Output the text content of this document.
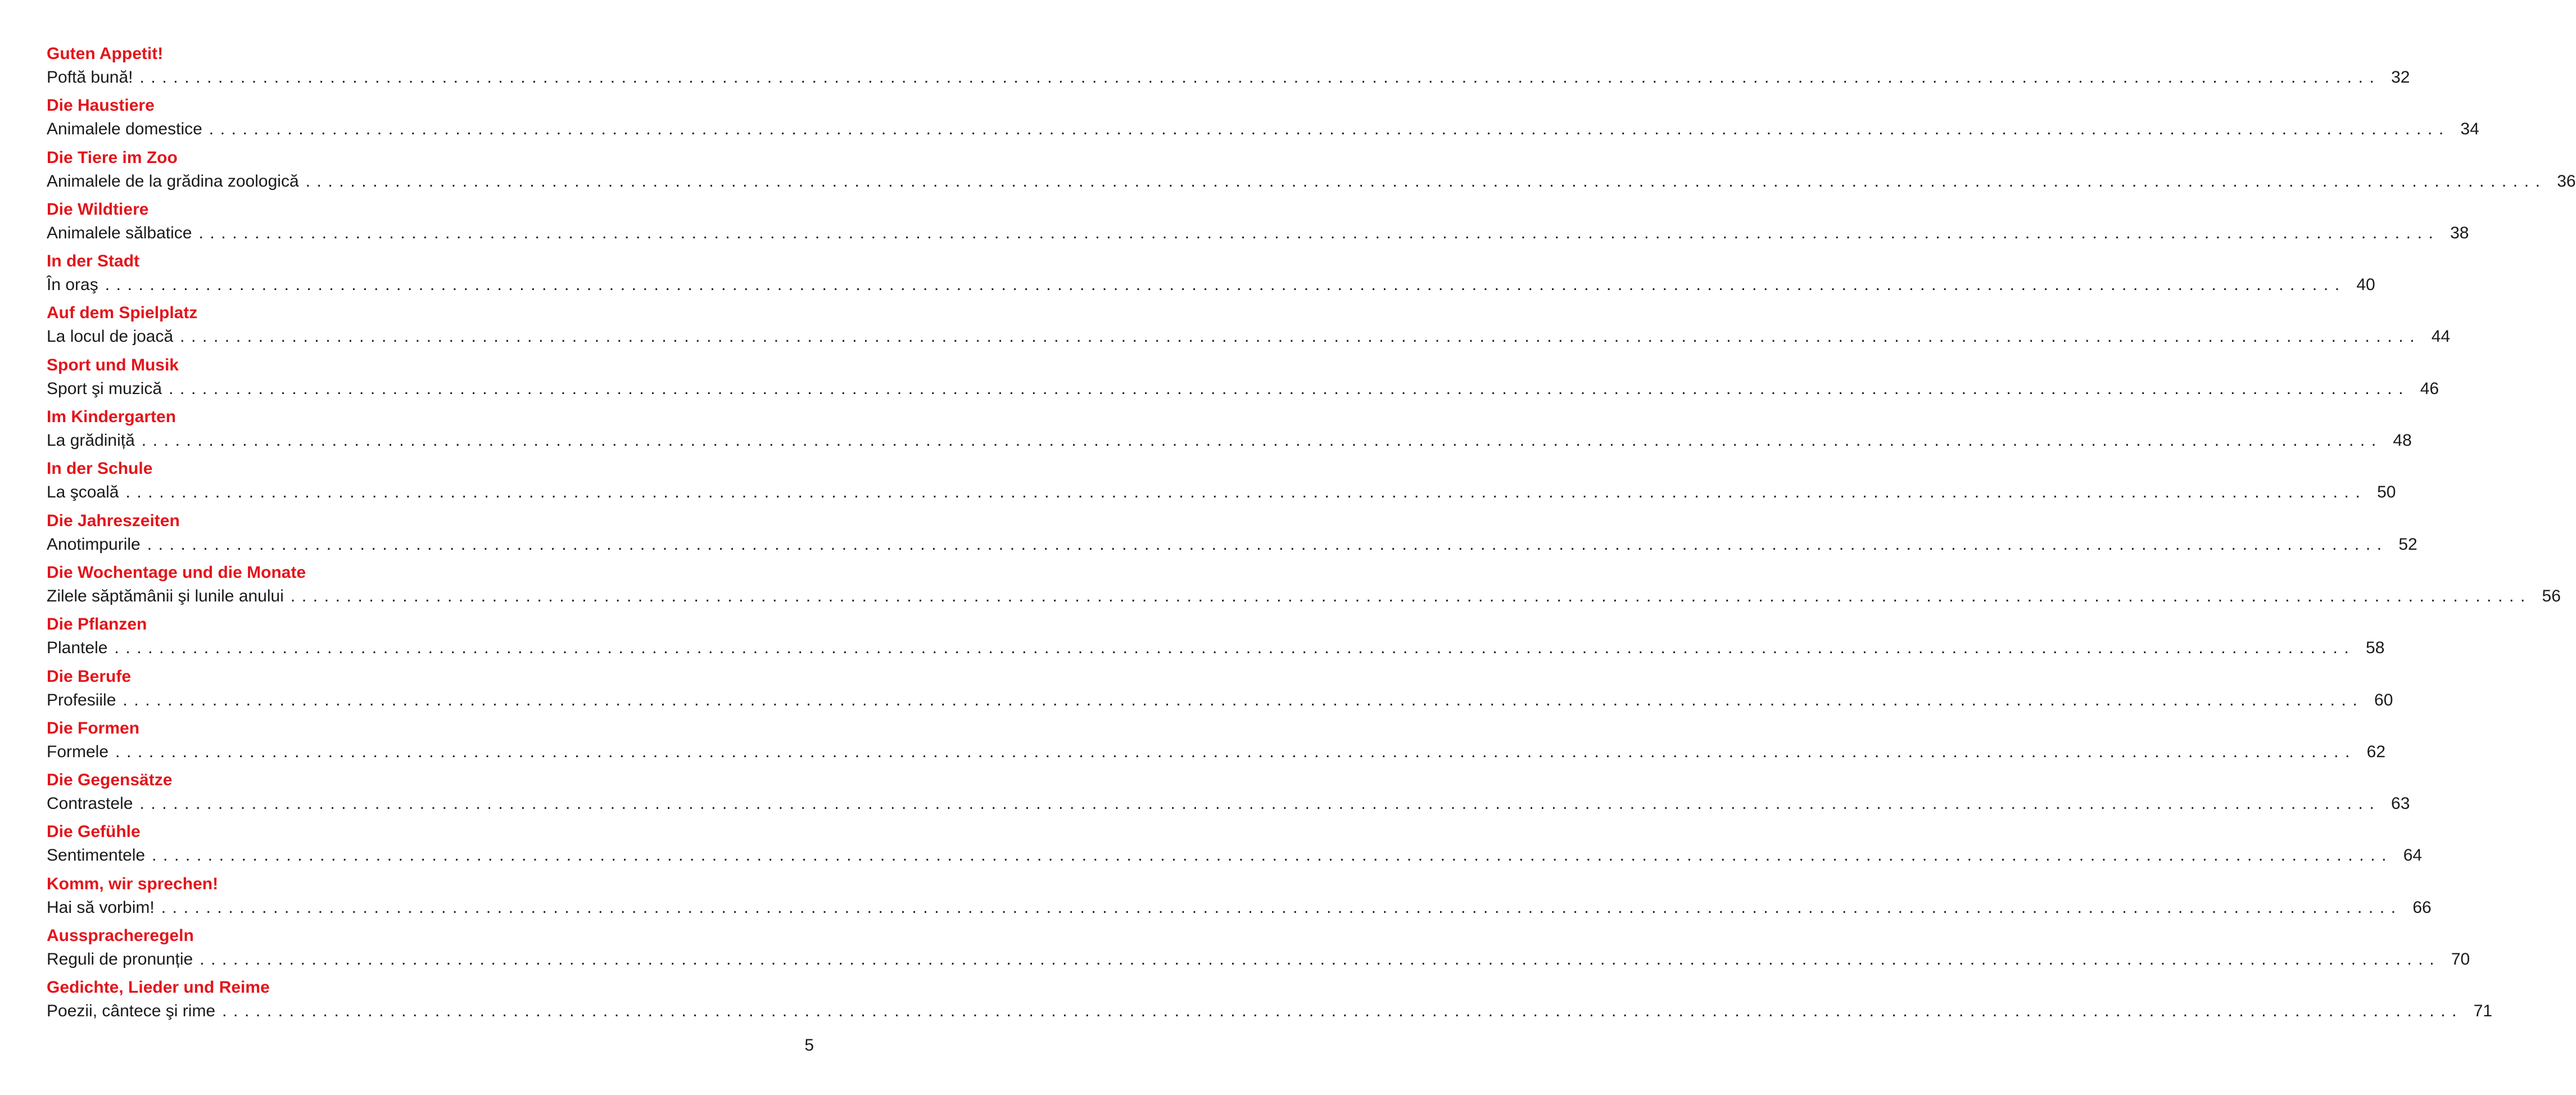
Guten Appetit!
Poftă bună! ........................................................................................................................................................................................................ 32
Die Haustiere
Animalele domestice ........................................................................................................................................................................................................ 34
Die Tiere im Zoo
Animalele de la grădina zoologică ........................................................................................................................................................................................................ 36
Die Wildtiere
Animalele sălbatice ........................................................................................................................................................................................................ 38
In der Stadt
În oraş ........................................................................................................................................................................................................ 40
Auf dem Spielplatz
La locul de joacă ........................................................................................................................................................................................................ 44
Sport und Musik
Sport şi muzică ........................................................................................................................................................................................................ 46
Im Kindergarten
La grădiniță ........................................................................................................................................................................................................ 48
In der Schule
La şcoală ........................................................................................................................................................................................................ 50
Die Jahreszeiten
Anotimpurile ........................................................................................................................................................................................................ 52
Die Wochentage und die Monate
Zilele săptămânii şi lunile anului ........................................................................................................................................................................................................ 56
Die Pflanzen
Plantele ........................................................................................................................................................................................................ 58
Die Berufe
Profesiile ........................................................................................................................................................................................................ 60
Die Formen
Formele ........................................................................................................................................................................................................ 62
Die Gegensätze
Contrastele ........................................................................................................................................................................................................ 63
Die Gefühle
Sentimentele ........................................................................................................................................................................................................ 64
Komm, wir sprechen!
Hai să vorbim! ........................................................................................................................................................................................................ 66
Ausspracheregeln
Reguli de pronunție ........................................................................................................................................................................................................ 70
Gedichte, Lieder und Reime
Poezii, cântece şi rime ........................................................................................................................................................................................................ 71
5
